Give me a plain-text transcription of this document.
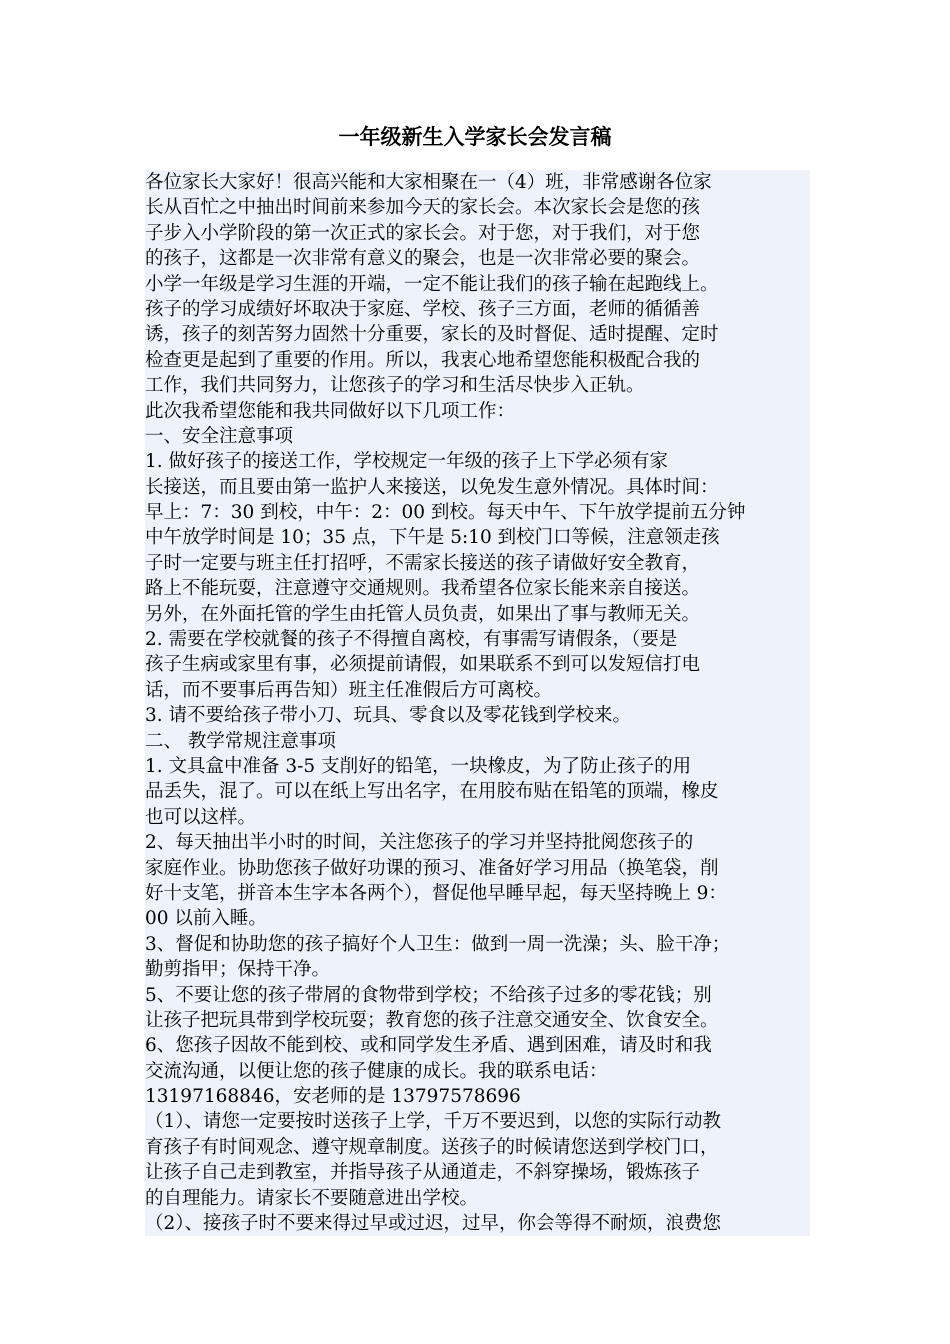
一年级新生入学家长会发言稿
各位家长大家好！很高兴能和大家相聚在一（4）班，非常感谢各位家
长从百忙之中抽出时间前来参加今天的家长会。本次家长会是您的孩
子步入小学阶段的第一次正式的家长会。对于您，对于我们，对于您
的孩子，这都是一次非常有意义的聚会，也是一次非常必要的聚会。
小学一年级是学习生涯的开端，一定不能让我们的孩子输在起跑线上。
孩子的学习成绩好坏取决于家庭、学校、孩子三方面，老师的循循善
诱，孩子的刻苦努力固然十分重要，家长的及时督促、适时提醒、定时
检查更是起到了重要的作用。所以，我衷心地希望您能积极配合我的
工作，我们共同努力，让您孩子的学习和生活尽快步入正轨。
此次我希望您能和我共同做好以下几项工作：
一、安全注意事项
1. 做好孩子的接送工作，学校规定一年级的孩子上下学必须有家
长接送，而且要由第一监护人来接送，以免发生意外情况。具体时间：
早上：7：30 到校，中午：2：00 到校。每天中午、下午放学提前五分钟
中午放学时间是 10；35 点，下午是 5:10 到校门口等候，注意领走孩
子时一定要与班主任打招呼，不需家长接送的孩子请做好安全教育，
路上不能玩耍，注意遵守交通规则。我希望各位家长能来亲自接送。
另外，在外面托管的学生由托管人员负责，如果出了事与教师无关。
2. 需要在学校就餐的孩子不得擅自离校，有事需写请假条，（要是
孩子生病或家里有事，必须提前请假，如果联系不到可以发短信打电
话，而不要事后再告知）班主任准假后方可离校。
3. 请不要给孩子带小刀、玩具、零食以及零花钱到学校来。
二、 教学常规注意事项
1. 文具盒中准备 3-5 支削好的铅笔，一块橡皮，为了防止孩子的用
品丢失，混了。可以在纸上写出名字，在用胶布贴在铅笔的顶端，橡皮
也可以这样。
2、每天抽出半小时的时间，关注您孩子的学习并坚持批阅您孩子的
家庭作业。协助您孩子做好功课的预习、准备好学习用品（换笔袋，削
好十支笔，拼音本生字本各两个），督促他早睡早起，每天坚持晚上 9：
00 以前入睡。
3、督促和协助您的孩子搞好个人卫生：做到一周一洗澡；头、脸干净；
勤剪指甲；保持干净。
5、不要让您的孩子带屑的食物带到学校；不给孩子过多的零花钱；别
让孩子把玩具带到学校玩耍；教育您的孩子注意交通安全、饮食安全。
6、您孩子因故不能到校、或和同学发生矛盾、遇到困难，请及时和我
交流沟通，以便让您的孩子健康的成长。我的联系电话：
13197168846，安老师的是 13797578696
（1）、请您一定要按时送孩子上学，千万不要迟到，以您的实际行动教
育孩子有时间观念、遵守规章制度。送孩子的时候请您送到学校门口，
让孩子自己走到教室，并指导孩子从通道走，不斜穿操场，锻炼孩子
的自理能力。请家长不要随意进出学校。
（2）、接孩子时不要来得过早或过迟，过早，你会等得不耐烦，浪费您
